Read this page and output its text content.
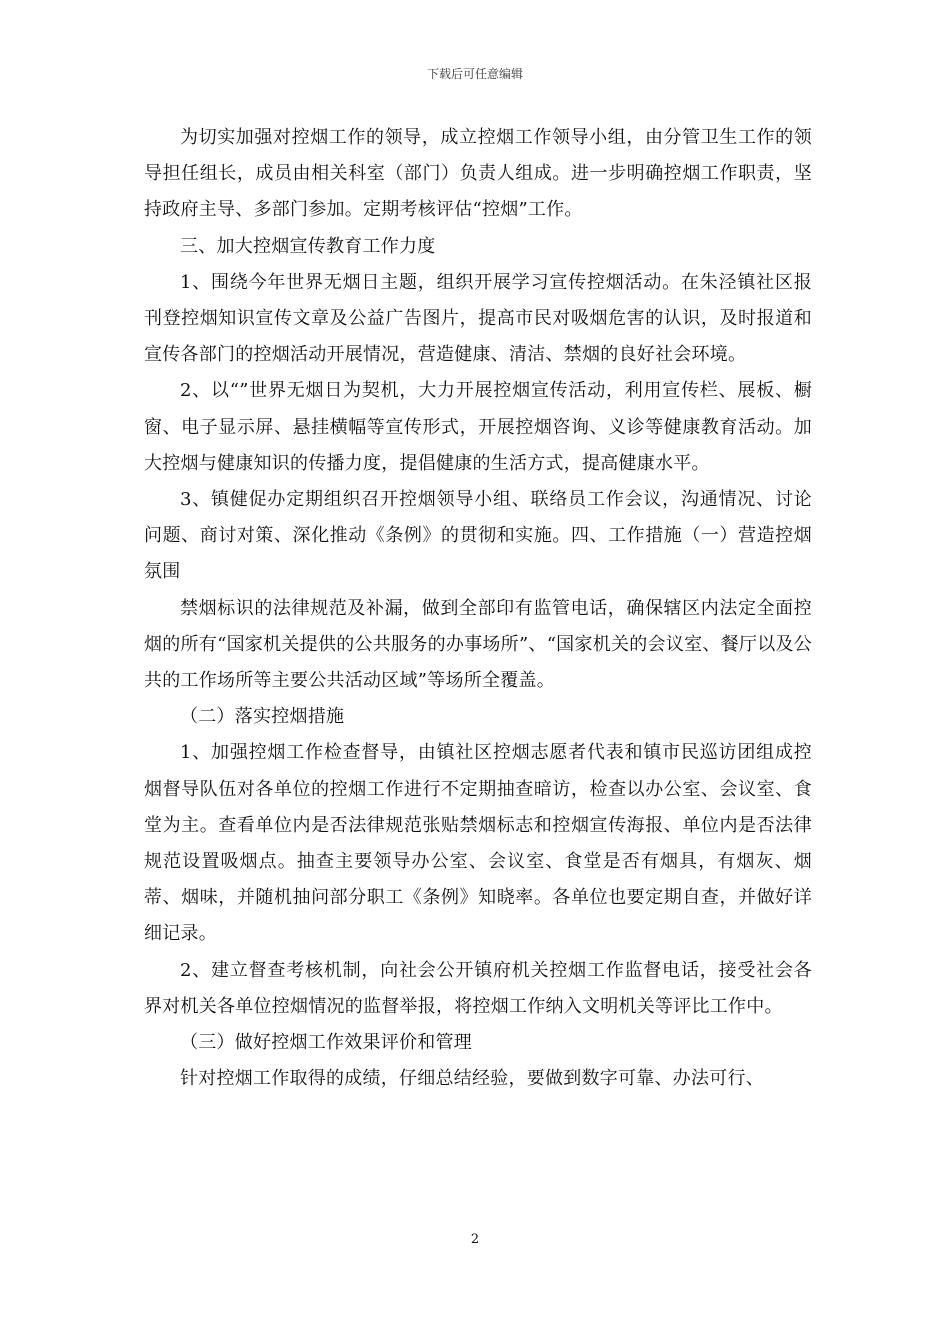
下载后可任意编辑

为切实加强对控烟工作的领导，成立控烟工作领导小组，由分管卫生工作的领导担任组长，成员由相关科室（部门）负责人组成。进一步明确控烟工作职责，坚持政府主导、多部门参加。定期考核评估“控烟”工作。

三、加大控烟宣传教育工作力度

1、围绕今年世界无烟日主题，组织开展学习宣传控烟活动。在朱泾镇社区报刊登控烟知识宣传文章及公益广告图片，提高市民对吸烟危害的认识，及时报道和宣传各部门的控烟活动开展情况，营造健康、清洁、禁烟的良好社会环境。

2、以“”世界无烟日为契机，大力开展控烟宣传活动，利用宣传栏、展板、橱窗、电子显示屏、悬挂横幅等宣传形式，开展控烟咨询、义诊等健康教育活动。加大控烟与健康知识的传播力度，提倡健康的生活方式，提高健康水平。

3、镇健促办定期组织召开控烟领导小组、联络员工作会议，沟通情况、讨论问题、商讨对策、深化推动《条例》的贯彻和实施。四、工作措施（一）营造控烟氛围

禁烟标识的法律规范及补漏，做到全部印有监管电话，确保辖区内法定全面控烟的所有“国家机关提供的公共服务的办事场所”、“国家机关的会议室、餐厅以及公共的工作场所等主要公共活动区域”等场所全覆盖。

（二）落实控烟措施

1、加强控烟工作检查督导，由镇社区控烟志愿者代表和镇市民巡访团组成控烟督导队伍对各单位的控烟工作进行不定期抽查暗访，检查以办公室、会议室、食堂为主。查看单位内是否法律规范张贴禁烟标志和控烟宣传海报、单位内是否法律规范设置吸烟点。抽查主要领导办公室、会议室、食堂是否有烟具，有烟灰、烟蒂、烟味，并随机抽问部分职工《条例》知晓率。各单位也要定期自查，并做好详细记录。

2、建立督查考核机制，向社会公开镇府机关控烟工作监督电话，接受社会各界对机关各单位控烟情况的监督举报，将控烟工作纳入文明机关等评比工作中。

（三）做好控烟工作效果评价和管理

针对控烟工作取得的成绩，仔细总结经验，要做到数字可靠、办法可行、

2
